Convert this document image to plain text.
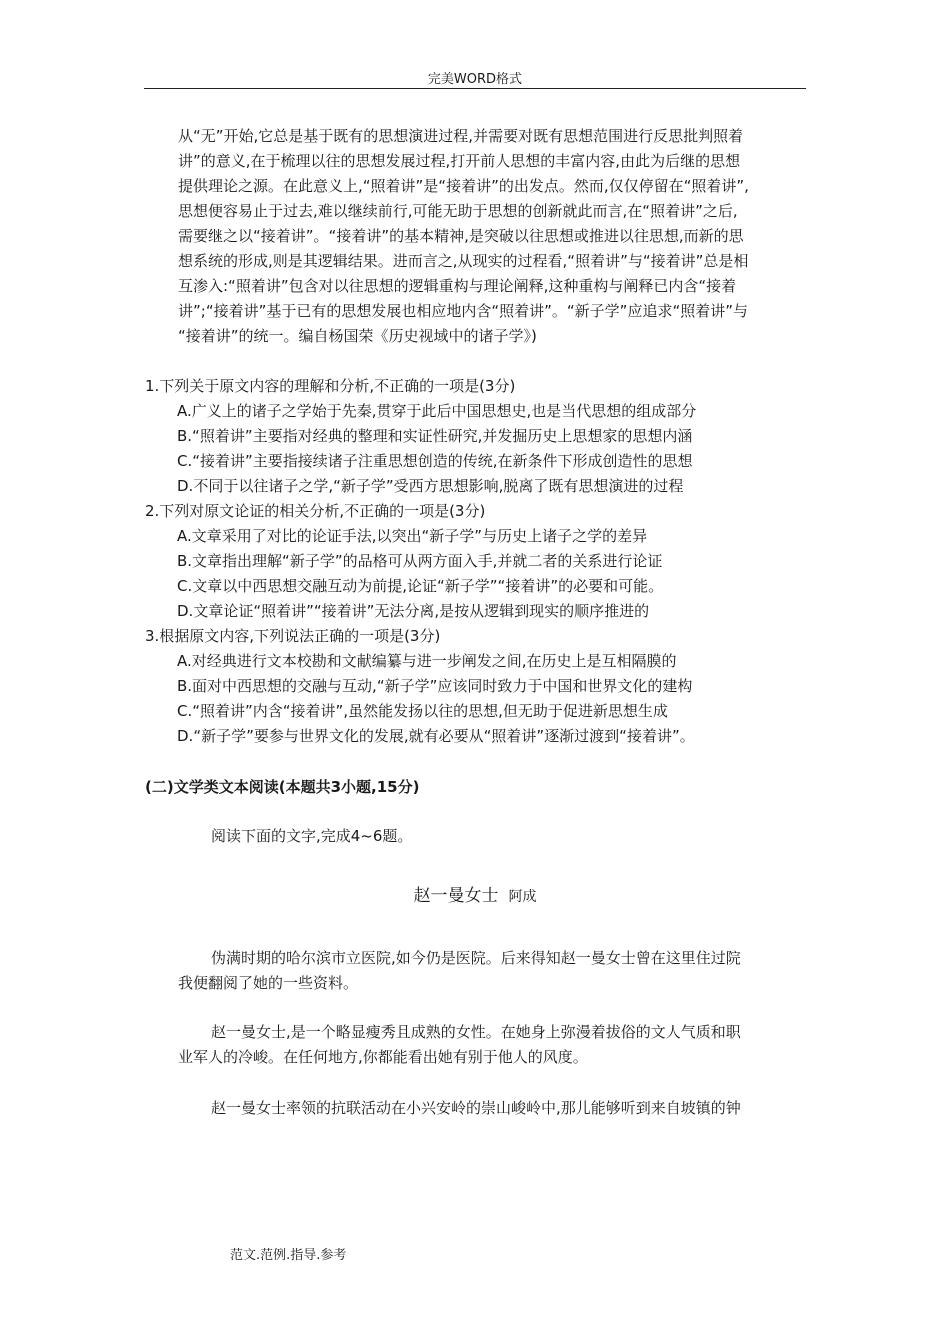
完美WORD格式
从“无”开始,它总是基于既有的思想演进过程,并需要对既有思想范围进行反思批判照着
讲”的意义,在于梳理以往的思想发展过程,打开前人思想的丰富内容,由此为后继的思想
提供理论之源。在此意义上,“照着讲”是“接着讲”的出发点。然而,仅仅停留在“照着讲”,
思想便容易止于过去,难以继续前行,可能无助于思想的创新就此而言,在“照着讲”之后,
需要继之以“接着讲”。“接着讲”的基本精神,是突破以往思想或推进以往思想,而新的思
想系统的形成,则是其逻辑结果。进而言之,从现实的过程看,“照着讲”与“接着讲”总是相
互渗入:“照着讲”包含对以往思想的逻辑重构与理论阐释,这种重构与阐释已内含“接着
讲”;“接着讲”基于已有的思想发展也相应地内含“照着讲”。“新子学”应追求“照着讲”与
“接着讲”的统一。编自杨国荣《历史视域中的诸子学》)
1.下列关于原文内容的理解和分析,不正确的一项是(3分)
A.广义上的诸子之学始于先秦,贯穿于此后中国思想史,也是当代思想的组成部分
B.“照着讲”主要指对经典的整理和实证性研究,并发掘历史上思想家的思想内涵
C.“接着讲”主要指接续诸子注重思想创造的传统,在新条件下形成创造性的思想
D.不同于以往诸子之学,“新子学”受西方思想影响,脱离了既有思想演进的过程
2.下列对原文论证的相关分析,不正确的一项是(3分)
A.文章采用了对比的论证手法,以突出“新子学”与历史上诸子之学的差异
B.文章指出理解“新子学”的品格可从两方面入手,并就二者的关系进行论证
C.文章以中西思想交融互动为前提,论证“新子学”“接着讲”的必要和可能。
D.文章论证“照着讲”“接着讲”无法分离,是按从逻辑到现实的顺序推进的
3.根据原文内容,下列说法正确的一项是(3分)
A.对经典进行文本校勘和文献编纂与进一步阐发之间,在历史上是互相隔膜的
B.面对中西思想的交融与互动,“新子学”应该同时致力于中国和世界文化的建构
C.“照着讲”内含“接着讲”,虽然能发扬以往的思想,但无助于促进新思想生成
D.“新子学”要参与世界文化的发展,就有必要从“照着讲”逐渐过渡到“接着讲”。
(二)文学类文本阅读(本题共3小题,15分)
阅读下面的文字,完成4~6题。
赵一曼女士 阿成
伪满时期的哈尔滨市立医院,如今仍是医院。后来得知赵一曼女士曾在这里住过院
我便翻阅了她的一些资料。
赵一曼女士,是一个略显瘦秀且成熟的女性。在她身上弥漫着拔俗的文人气质和职
业军人的冷峻。在任何地方,你都能看出她有别于他人的风度。
赵一曼女士率领的抗联活动在小兴安岭的崇山峻岭中,那儿能够听到来自坡镇的钟
范文.范例.指导.参考
